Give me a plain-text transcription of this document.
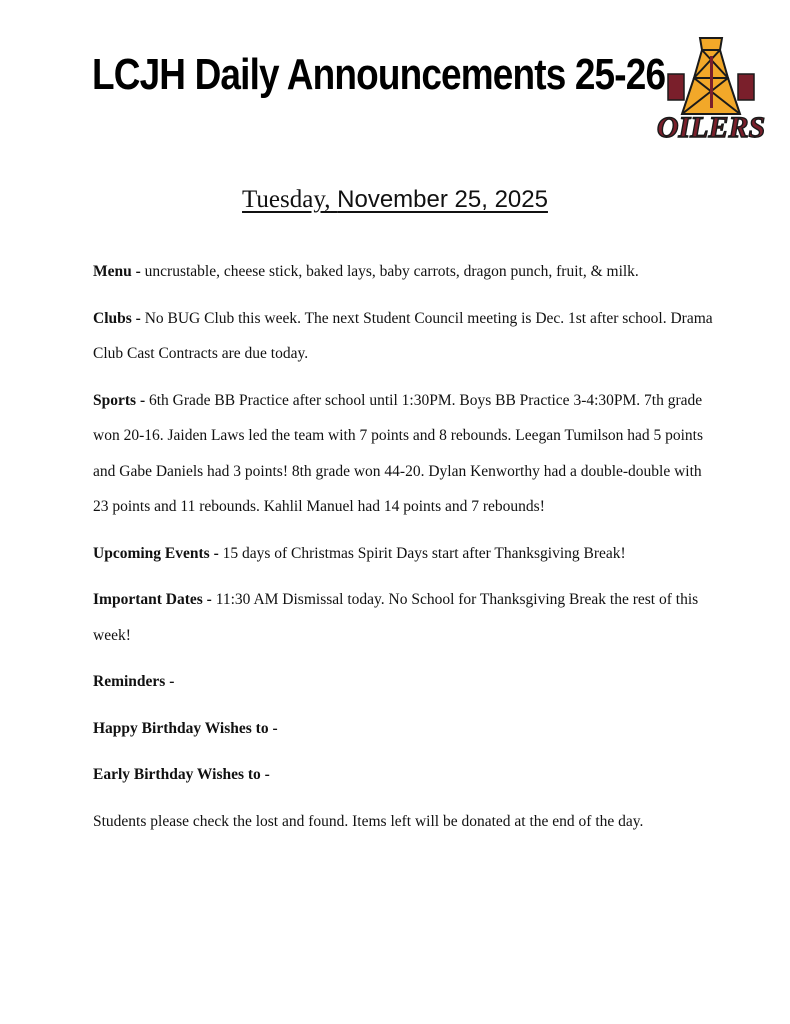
LCJH Daily Announcements 25-26
OILERS
Tuesday, November 25, 2025

Menu - uncrustable, cheese stick, baked lays, baby carrots, dragon punch, fruit, & milk.

Clubs - No BUG Club this week. The next Student Council meeting is Dec. 1st after school. Drama Club Cast Contracts are due today.

Sports - 6th Grade BB Practice after school until 1:30PM. Boys BB Practice 3-4:30PM. 7th grade won 20-16. Jaiden Laws led the team with 7 points and 8 rebounds. Leegan Tumilson had 5 points and Gabe Daniels had 3 points! 8th grade won 44-20. Dylan Kenworthy had a double-double with 23 points and 11 rebounds. Kahlil Manuel had 14 points and 7 rebounds!

Upcoming Events - 15 days of Christmas Spirit Days start after Thanksgiving Break!

Important Dates - 11:30 AM Dismissal today. No School for Thanksgiving Break the rest of this week!

Reminders -

Happy Birthday Wishes to -

Early Birthday Wishes to -

Students please check the lost and found. Items left will be donated at the end of the day.
